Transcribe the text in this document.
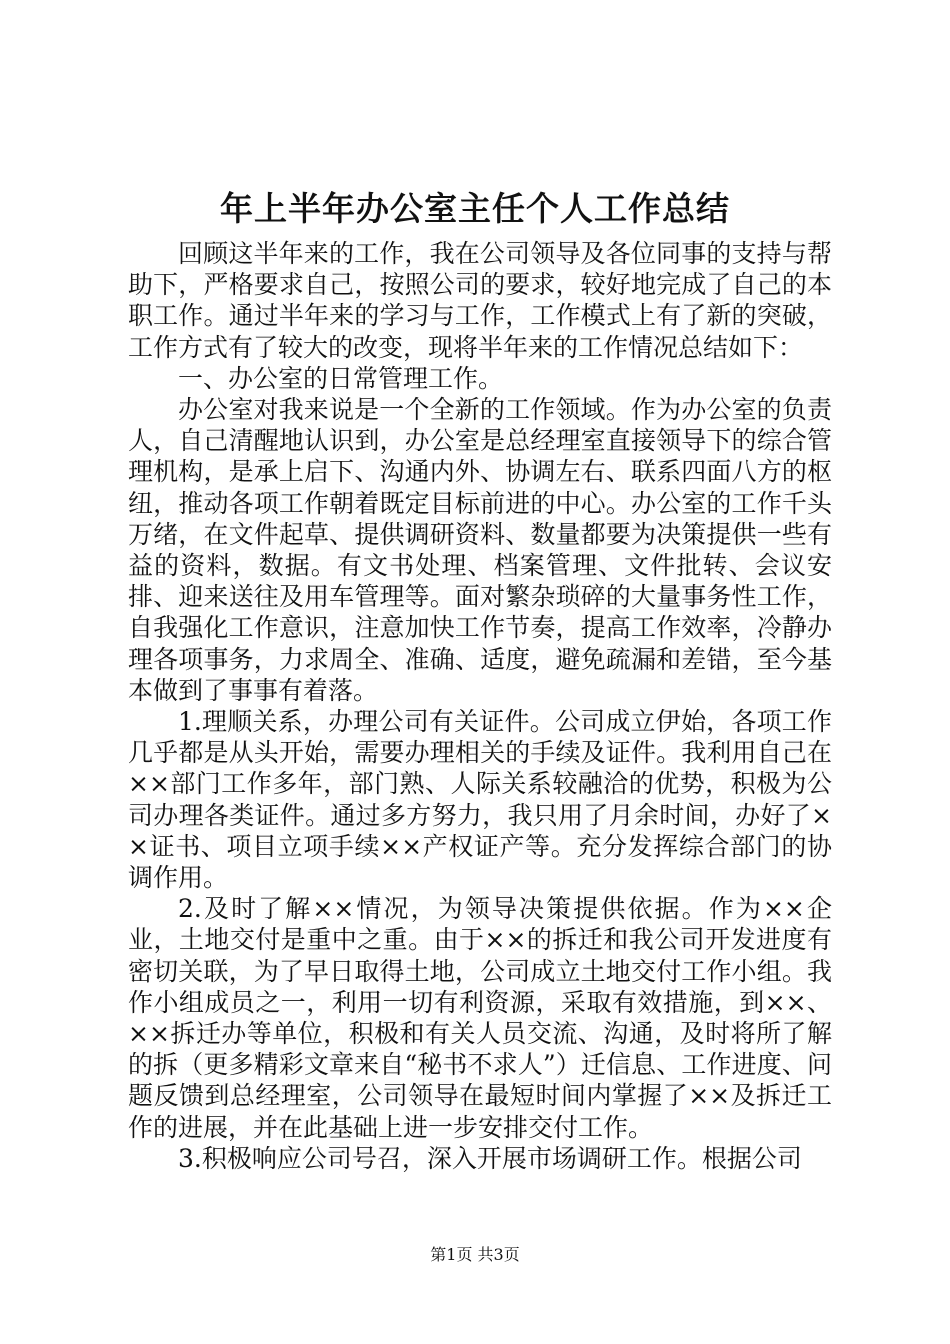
年上半年办公室主任个人工作总结

回顾这半年来的工作，我在公司领导及各位同事的支持与帮助下，严格要求自己，按照公司的要求，较好地完成了自己的本职工作。通过半年来的学习与工作，工作模式上有了新的突破，工作方式有了较大的改变，现将半年来的工作情况总结如下：

一、办公室的日常管理工作。

办公室对我来说是一个全新的工作领域。作为办公室的负责人，自己清醒地认识到，办公室是总经理室直接领导下的综合管理机构，是承上启下、沟通内外、协调左右、联系四面八方的枢纽，推动各项工作朝着既定目标前进的中心。办公室的工作千头万绪，在文件起草、提供调研资料、数量都要为决策提供一些有益的资料，数据。有文书处理、档案管理、文件批转、会议安排、迎来送往及用车管理等。面对繁杂琐碎的大量事务性工作，自我强化工作意识，注意加快工作节奏，提高工作效率，冷静办理各项事务，力求周全、准确、适度，避免疏漏和差错，至今基本做到了事事有着落。

1.理顺关系，办理公司有关证件。公司成立伊始，各项工作几乎都是从头开始，需要办理相关的手续及证件。我利用自己在××部门工作多年，部门熟、人际关系较融洽的优势，积极为公司办理各类证件。通过多方努力，我只用了月余时间，办好了××证书、项目立项手续××产权证产等。充分发挥综合部门的协调作用。

2.及时了解××情况，为领导决策提供依据。作为××企业，土地交付是重中之重。由于××的拆迁和我公司开发进度有密切关联，为了早日取得土地，公司成立土地交付工作小组。我作小组成员之一，利用一切有利资源，采取有效措施，到××、××拆迁办等单位，积极和有关人员交流、沟通，及时将所了解的拆（更多精彩文章来自“秘书不求人”）迁信息、工作进度、问题反馈到总经理室，公司领导在最短时间内掌握了××及拆迁工作的进展，并在此基础上进一步安排交付工作。

3.积极响应公司号召，深入开展市场调研工作。根据公司

第1页 共3页
